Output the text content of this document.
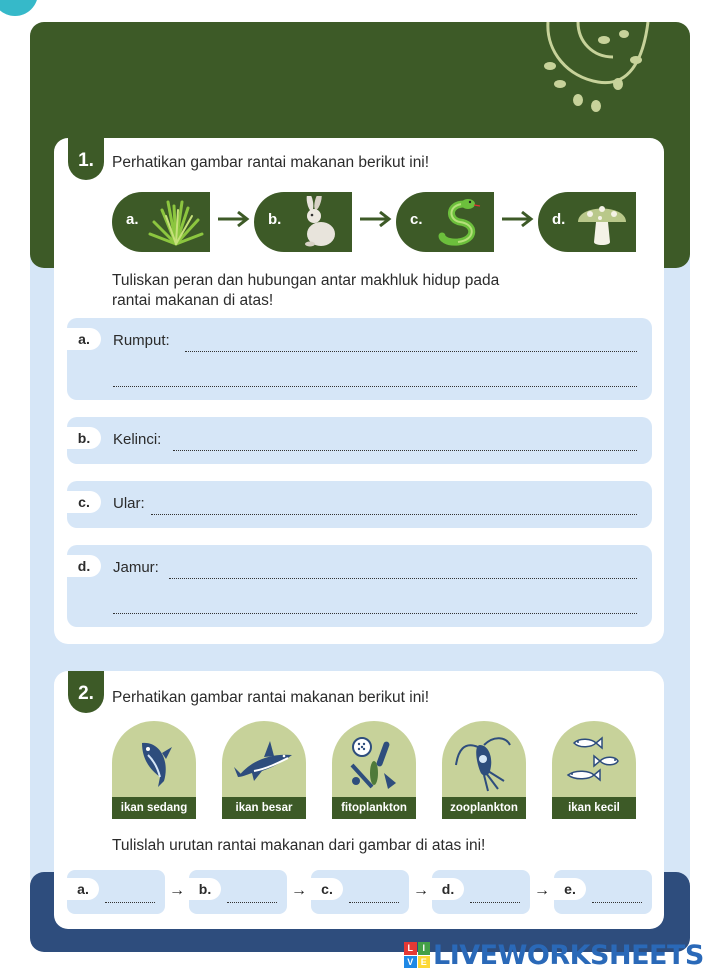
1.	Perhatikan gambar rantai makanan berikut ini!
a.	b.	c.	d.
Tuliskan peran dan hubungan antar makhluk hidup pada
rantai makanan di atas!
a.	Rumput:
b.	Kelinci:
c.	Ular:
d.	Jamur:
2.	Perhatikan gambar rantai makanan berikut ini!
ikan sedang	ikan besar	fitoplankton	zooplankton	ikan kecil
Tulislah urutan rantai makanan dari gambar di atas ini!
a.	→ b.	→	c.	→ d.	→	e.
L	I
V E LIVEWORKSHEETS
